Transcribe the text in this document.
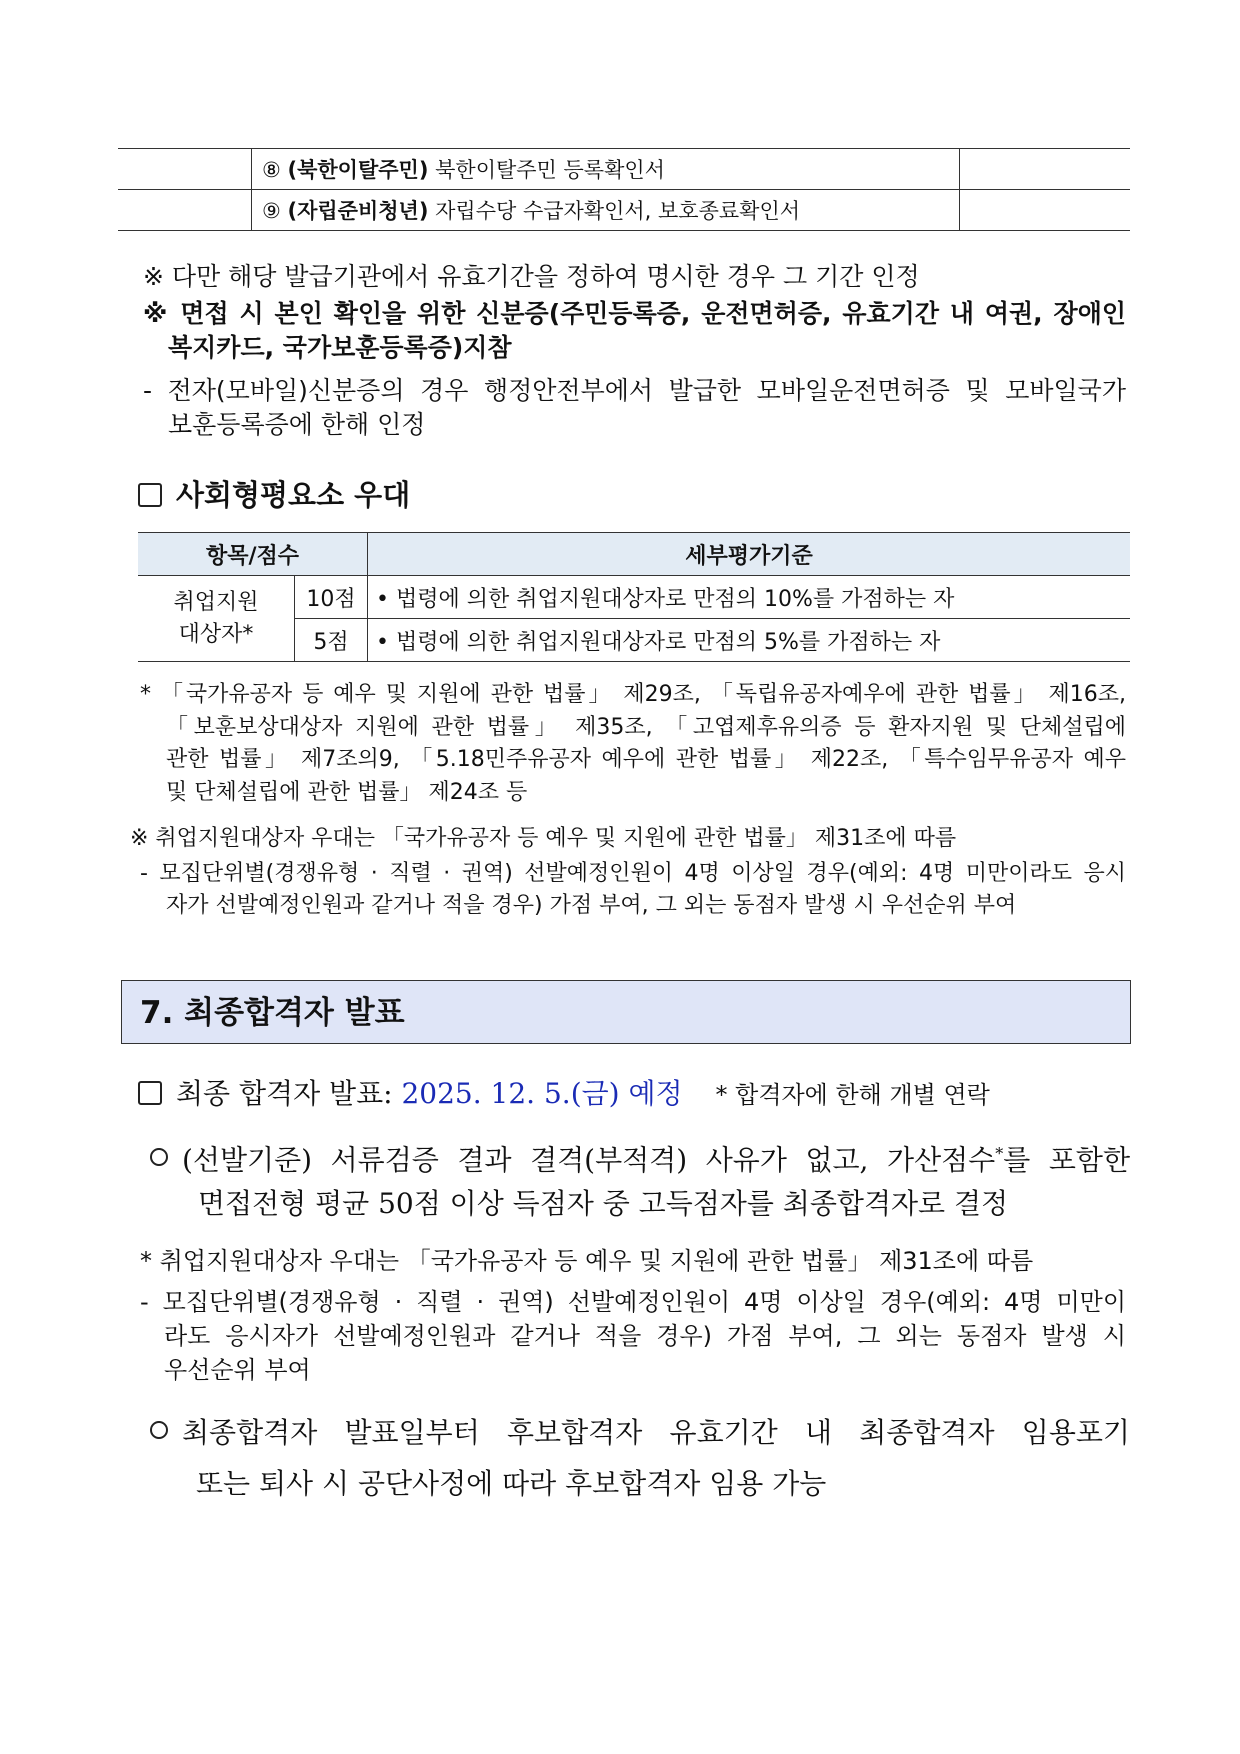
	⑧ (북한이탈주민) 북한이탈주민 등록확인서	
	⑨ (자립준비청년) 자립수당 수급자확인서, 보호종료확인서	
※ 다만 해당 발급기관에서 유효기간을 정하여 명시한 경우 그 기간 인정
※ 면접 시 본인 확인을 위한 신분증(주민등록증, 운전면허증, 유효기간 내 여권, 장애인
복지카드, 국가보훈등록증)지참
- 전자(모바일)신분증의 경우 행정안전부에서 발급한 모바일운전면허증 및 모바일국가
보훈등록증에 한해 인정
사회형평요소 우대
항목/점수		세부평가기준
취업지원
대상자*	10점	• 법령에 의한 취업지원대상자로 만점의 10%를 가점하는 자
	5점	• 법령에 의한 취업지원대상자로 만점의 5%를 가점하는 자
* 「국가유공자 등 예우 및 지원에 관한 법률」 제29조, 「독립유공자예우에 관한 법률」 제16조,
「보훈보상대상자 지원에 관한 법률」 제35조, 「고엽제후유의증 등 환자지원 및 단체설립에
관한 법률」 제7조의9, 「5.18민주유공자 예우에 관한 법률」 제22조, 「특수임무유공자 예우
및 단체설립에 관한 법률」 제24조 등
※ 취업지원대상자 우대는 「국가유공자 등 예우 및 지원에 관한 법률」 제31조에 따름
- 모집단위별(경쟁유형 · 직렬 · 권역) 선발예정인원이 4명 이상일 경우(예외: 4명 미만이라도 응시
자가 선발예정인원과 같거나 적을 경우) 가점 부여, 그 외는 동점자 발생 시 우선순위 부여
7. 최종합격자 발표
최종 합격자 발표: 2025. 12. 5.(금) 예정 * 합격자에 한해 개별 연락
(선발기준) 서류검증 결과 결격(부적격) 사유가 없고, 가산점수*를 포함한
면접전형 평균 50점 이상 득점자 중 고득점자를 최종합격자로 결정
* 취업지원대상자 우대는 「국가유공자 등 예우 및 지원에 관한 법률」 제31조에 따름
- 모집단위별(경쟁유형 · 직렬 · 권역) 선발예정인원이 4명 이상일 경우(예외: 4명 미만이
라도 응시자가 선발예정인원과 같거나 적을 경우) 가점 부여, 그 외는 동점자 발생 시
우선순위 부여
최종합격자 발표일부터 후보합격자 유효기간 내 최종합격자 임용포기
또는 퇴사 시 공단사정에 따라 후보합격자 임용 가능
